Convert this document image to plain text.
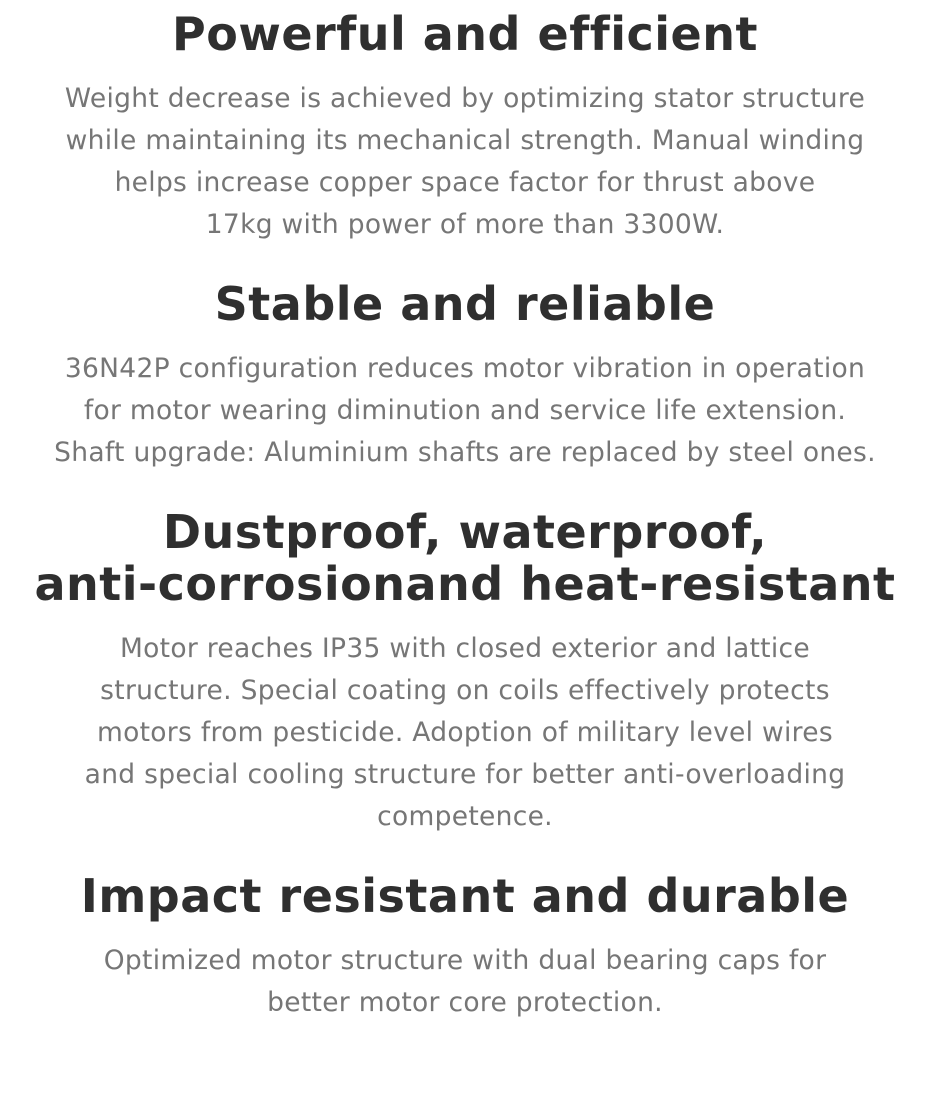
Powerful and efficient

Weight decrease is achieved by optimizing stator structure
while maintaining its mechanical strength. Manual winding
helps increase copper space factor for thrust above
17kg with power of more than 3300W.

Stable and reliable

36N42P configuration reduces motor vibration in operation
for motor wearing diminution and service life extension.
Shaft upgrade: Aluminium shafts are replaced by steel ones.

Dustproof, waterproof,
anti-corrosionand heat-resistant

Motor reaches IP35 with closed exterior and lattice
structure. Special coating on coils effectively protects
motors from pesticide. Adoption of military level wires
and special cooling structure for better anti-overloading
competence.

Impact resistant and durable

Optimized motor structure with dual bearing caps for
better motor core protection.
